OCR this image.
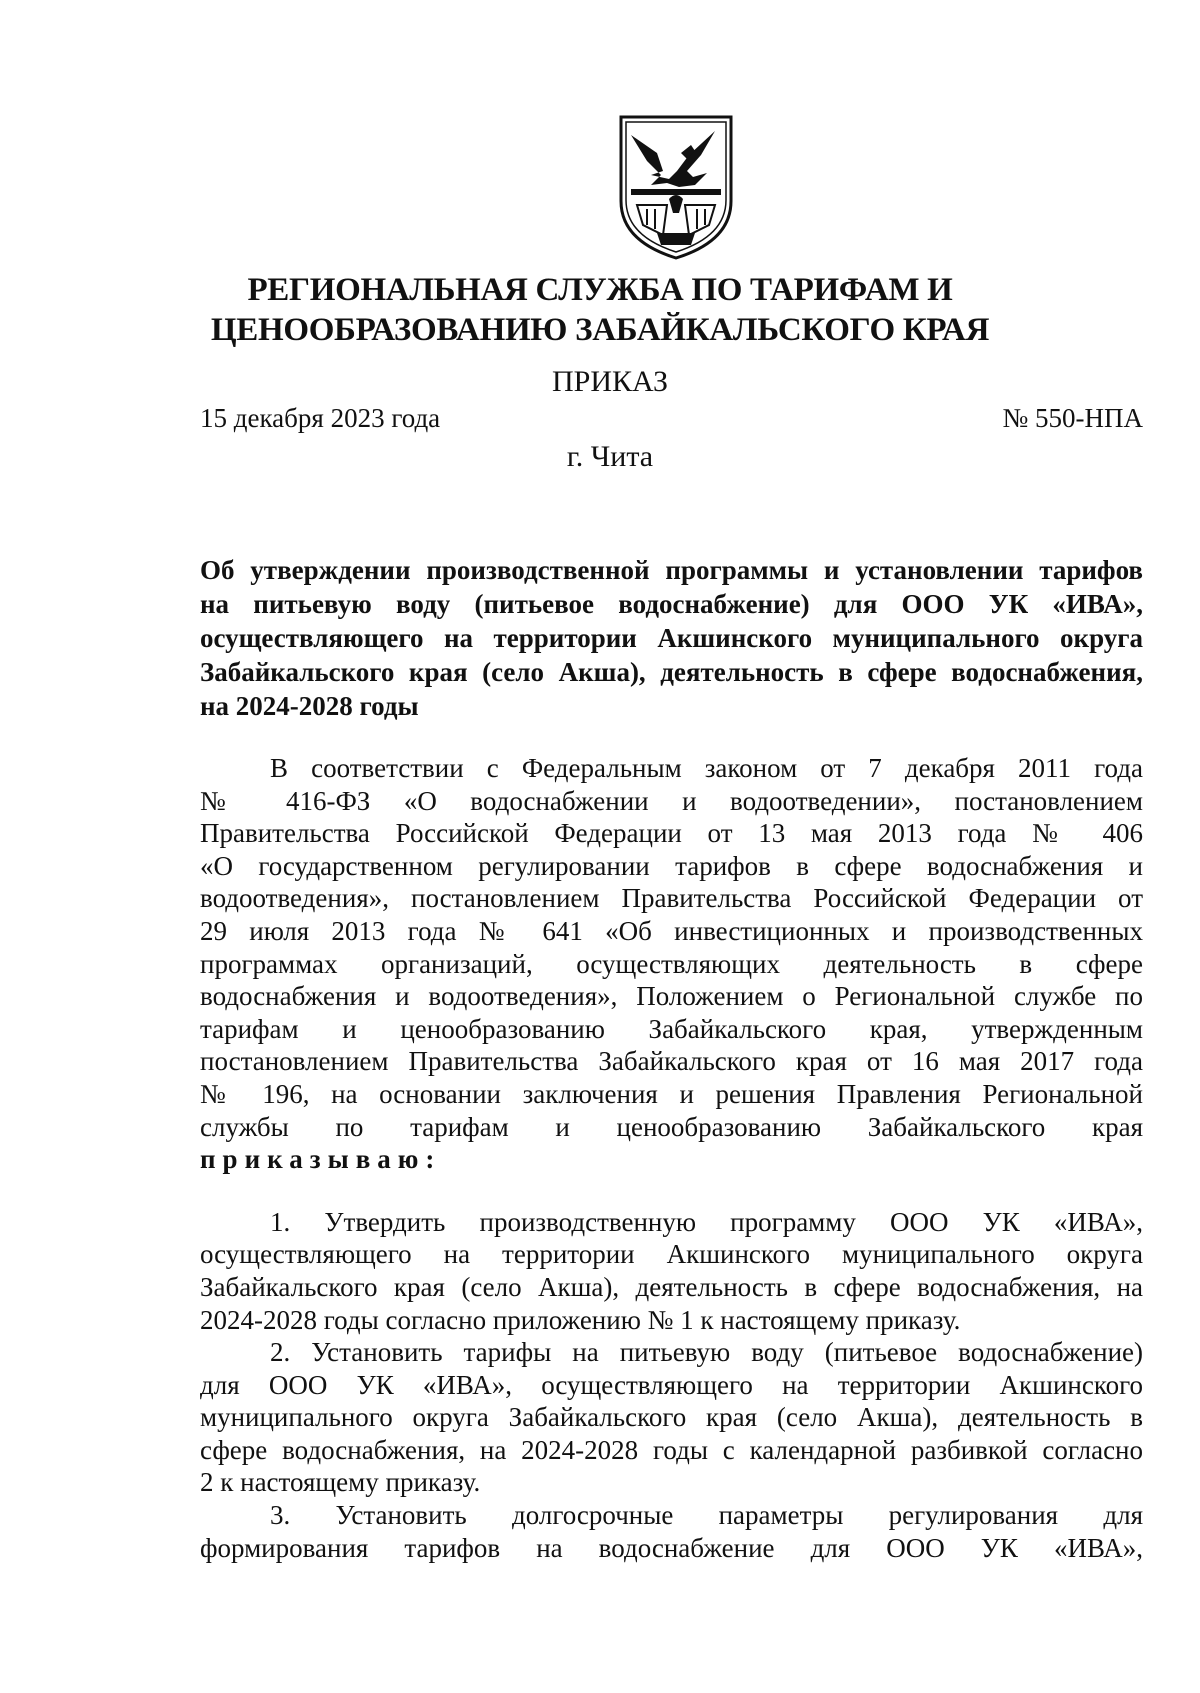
РЕГИОНАЛЬНАЯ СЛУЖБА ПО ТАРИФАМ И
ЦЕНООБРАЗОВАНИЮ ЗАБАЙКАЛЬСКОГО КРАЯ
ПРИКАЗ
15 декабря 2023 года	№ 550-НПА
г. Чита
Об утверждении производственной программы и установлении тарифов
на питьевую воду (питьевое водоснабжение) для ООО УК «ИВА»,
осуществляющего на территории Акшинского муниципального округа
Забайкальского края (село Акша), деятельность в сфере водоснабжения,
на 2024-2028 годы
В соответствии с Федеральным законом от 7 декабря 2011 года
№ 416-ФЗ «О водоснабжении и водоотведении», постановлением
Правительства Российской Федерации от 13 мая 2013 года № 406
«О государственном регулировании тарифов в сфере водоснабжения и
водоотведения», постановлением Правительства Российской Федерации от
29 июля 2013 года № 641 «Об инвестиционных и производственных
программах организаций, осуществляющих деятельность в сфере
водоснабжения и водоотведения», Положением о Региональной службе по
тарифам и ценообразованию Забайкальского края, утвержденным
постановлением Правительства Забайкальского края от 16 мая 2017 года
№ 196, на основании заключения и решения Правления Региональной
службы по тарифам и ценообразованию Забайкальского края
приказываю:
1. Утвердить производственную программу ООО УК «ИВА»,
осуществляющего на территории Акшинского муниципального округа
Забайкальского края (село Акша), деятельность в сфере водоснабжения, на
2024-2028 годы согласно приложению № 1 к настоящему приказу.
2. Установить тарифы на питьевую воду (питьевое водоснабжение)
для ООО УК «ИВА», осуществляющего на территории Акшинского
муниципального округа Забайкальского края (село Акша), деятельность в
сфере водоснабжения, на 2024-2028 годы с календарной разбивкой согласно
2 к настоящему приказу.
3. Установить долгосрочные параметры регулирования для
формирования тарифов на водоснабжение для ООО УК «ИВА»,
